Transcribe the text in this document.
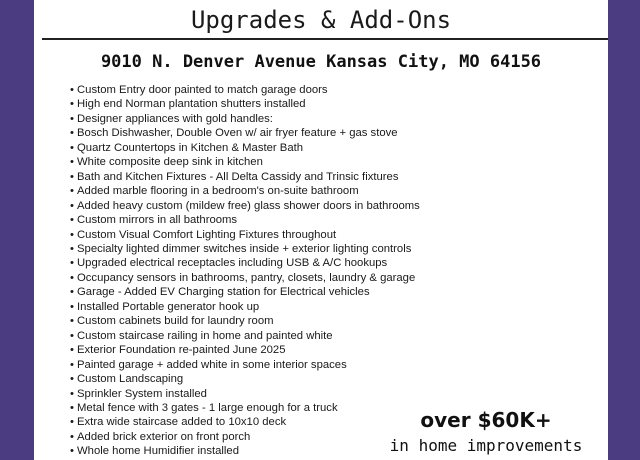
Upgrades & Add-Ons
9010 N. Denver Avenue Kansas City, MO 64156
• Custom Entry door painted to match garage doors
• High end Norman plantation shutters installed
• Designer appliances with gold handles:
• Bosch Dishwasher, Double Oven w/ air fryer feature + gas stove
• Quartz Countertops in Kitchen & Master Bath
• White composite deep sink in kitchen
• Bath and Kitchen Fixtures - All Delta Cassidy and Trinsic fixtures
• Added marble flooring in a bedroom's on-suite bathroom
• Added heavy custom (mildew free) glass shower doors in bathrooms
• Custom mirrors in all bathrooms
• Custom Visual Comfort Lighting Fixtures throughout
• Specialty lighted dimmer switches inside + exterior lighting controls
• Upgraded electrical receptacles including USB & A/C hookups
• Occupancy sensors in bathrooms, pantry, closets, laundry & garage
• Garage - Added EV Charging station for Electrical vehicles
• Installed Portable generator hook up
• Custom cabinets build for laundry room
• Custom staircase railing in home and painted white
• Exterior Foundation re-painted June 2025
• Painted garage + added white in some interior spaces
• Custom Landscaping
• Sprinkler System installed
• Metal fence with 3 gates - 1 large enough for a truck
• Extra wide staircase added to 10x10 deck
• Added brick exterior on front porch
• Whole home Humidifier installed
over $60K+
in home improvements
